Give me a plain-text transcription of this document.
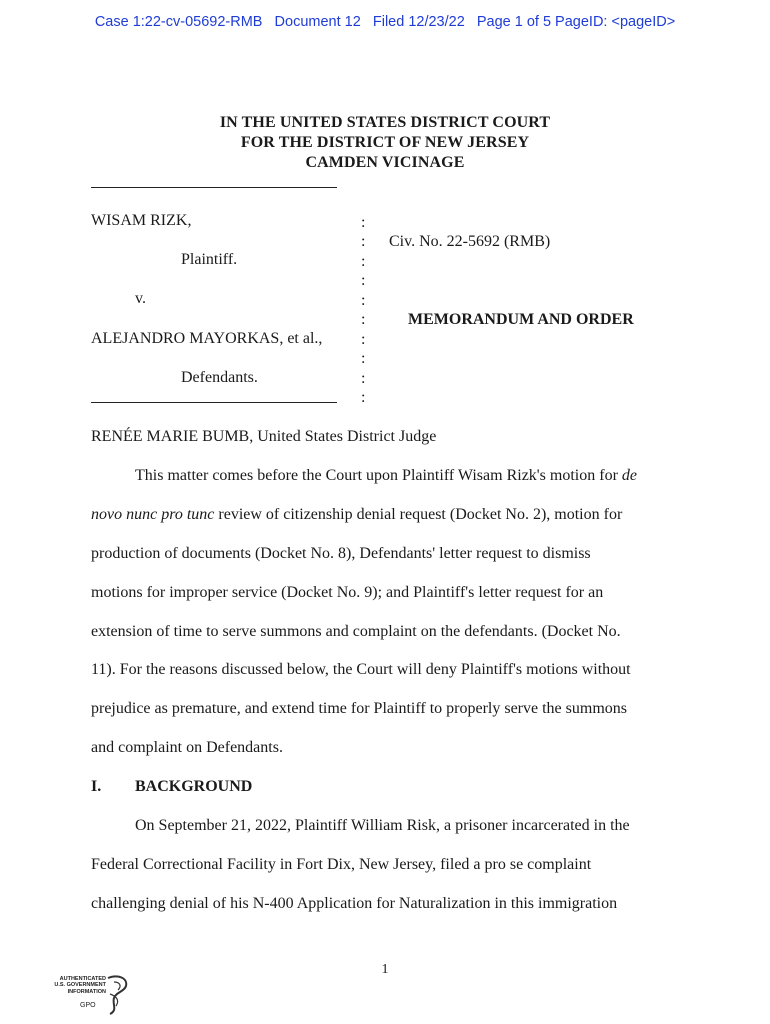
Case 1:22-cv-05692-RMB   Document 12   Filed 12/23/22   Page 1 of 5 PageID: <pageID>
IN THE UNITED STATES DISTRICT COURT
FOR THE DISTRICT OF NEW JERSEY
CAMDEN VICINAGE
WISAM RIZK,
Plaintiff.
v.
ALEJANDRO MAYORKAS, et al.,
Defendants.
:
:
:
:
:
:
:
:
:
:
Civ. No. 22-5692 (RMB)
MEMORANDUM AND ORDER
RENÉE MARIE BUMB, United States District Judge
This matter comes before the Court upon Plaintiff Wisam Rizk's motion for de
novo nunc pro tunc review of citizenship denial request (Docket No. 2), motion for
production of documents (Docket No. 8), Defendants' letter request to dismiss
motions for improper service (Docket No. 9); and Plaintiff's letter request for an
extension of time to serve summons and complaint on the defendants. (Docket No.
11). For the reasons discussed below, the Court will deny Plaintiff's motions without
prejudice as premature, and extend time for Plaintiff to properly serve the summons
and complaint on Defendants.
I. BACKGROUND
On September 21, 2022, Plaintiff William Risk, a prisoner incarcerated in the
Federal Correctional Facility in Fort Dix, New Jersey, filed a pro se complaint
challenging denial of his N-400 Application for Naturalization in this immigration
1
AUTHENTICATED
U.S. GOVERNMENT
INFORMATION
GPO
